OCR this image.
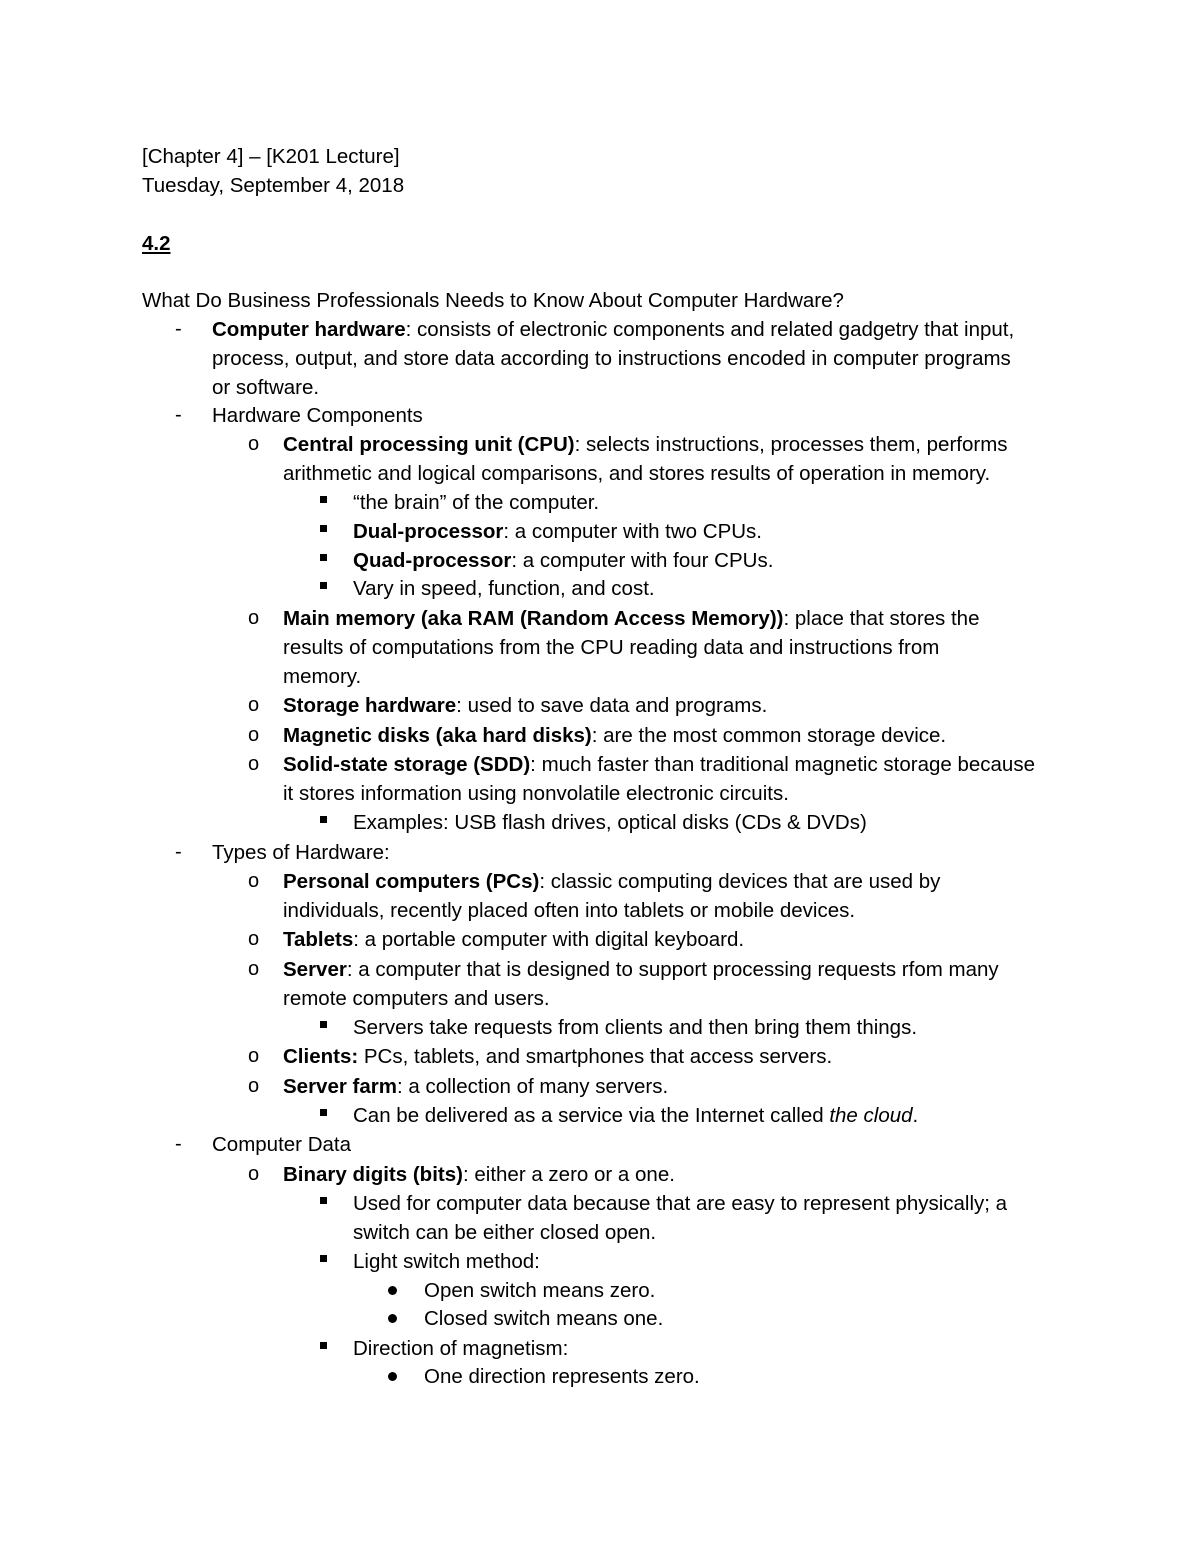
[Chapter 4] – [K201 Lecture]
Tuesday, September 4, 2018
4.2
What Do Business Professionals Needs to Know About Computer Hardware?
- Computer hardware: consists of electronic components and related gadgetry that input,
process, output, and store data according to instructions encoded in computer programs
or software.
- Hardware Components
o Central processing unit (CPU): selects instructions, processes them, performs
arithmetic and logical comparisons, and stores results of operation in memory.
“the brain” of the computer.
Dual-processor: a computer with two CPUs.
Quad-processor: a computer with four CPUs.
Vary in speed, function, and cost.
o Main memory (aka RAM (Random Access Memory)): place that stores the
results of computations from the CPU reading data and instructions from
memory.
o Storage hardware: used to save data and programs.
o Magnetic disks (aka hard disks): are the most common storage device.
o Solid-state storage (SDD): much faster than traditional magnetic storage because
it stores information using nonvolatile electronic circuits.
Examples: USB flash drives, optical disks (CDs & DVDs)
- Types of Hardware:
o Personal computers (PCs): classic computing devices that are used by
individuals, recently placed often into tablets or mobile devices.
o Tablets: a portable computer with digital keyboard.
o Server: a computer that is designed to support processing requests rfom many
remote computers and users.
Servers take requests from clients and then bring them things.
o Clients: PCs, tablets, and smartphones that access servers.
o Server farm: a collection of many servers.
Can be delivered as a service via the Internet called the cloud.
- Computer Data
o Binary digits (bits): either a zero or a one.
Used for computer data because that are easy to represent physically; a
switch can be either closed open.
Light switch method:
Open switch means zero.
Closed switch means one.
Direction of magnetism:
One direction represents zero.
